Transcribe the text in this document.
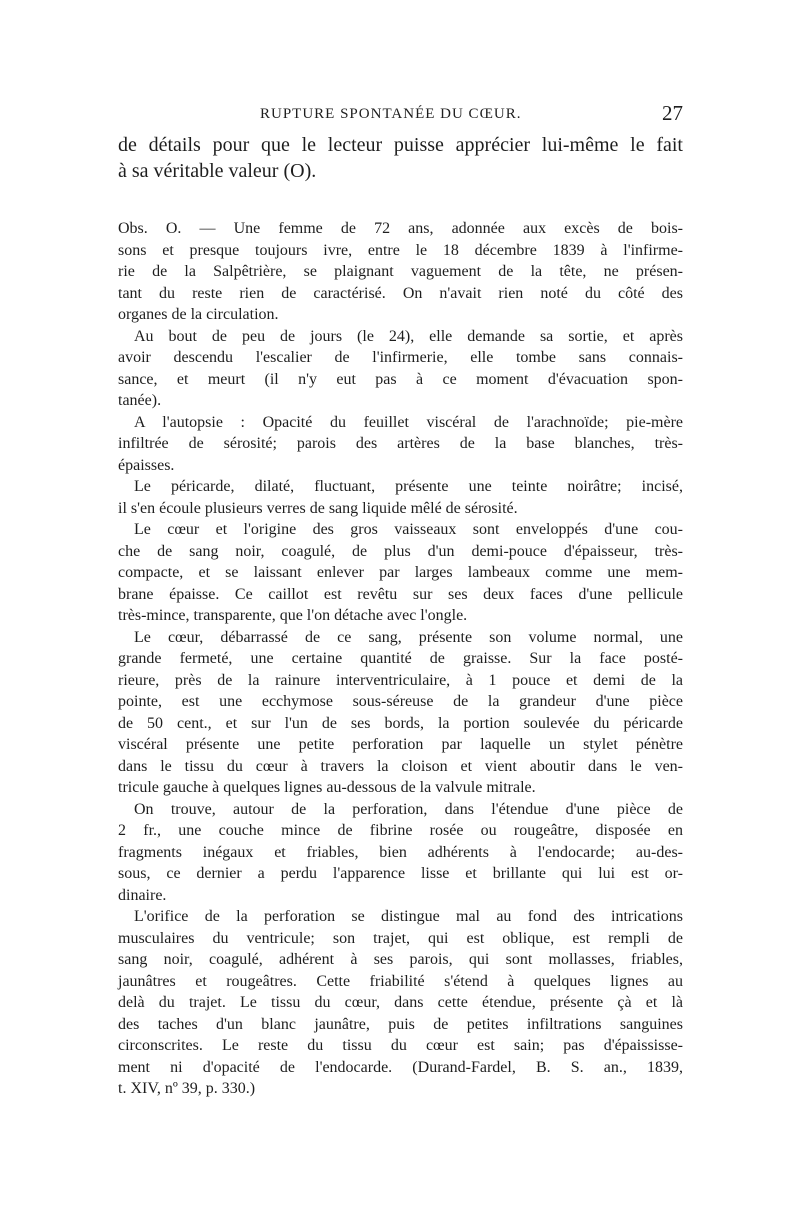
RUPTURE SPONTANÉE DU CŒUR.	27
de détails pour que le lecteur puisse apprécier lui-même le fait
à sa véritable valeur (O).
Obs. O. — Une femme de 72 ans, adonnée aux excès de bois-
sons et presque toujours ivre, entre le 18 décembre 1839 à l'infirme-
rie de la Salpêtrière, se plaignant vaguement de la tête, ne présen-
tant du reste rien de caractérisé. On n'avait rien noté du côté des
organes de la circulation.
Au bout de peu de jours (le 24), elle demande sa sortie, et après
avoir descendu l'escalier de l'infirmerie, elle tombe sans connais-
sance, et meurt (il n'y eut pas à ce moment d'évacuation spon-
tanée).
A l'autopsie : Opacité du feuillet viscéral de l'arachnoïde; pie-mère
infiltrée de sérosité; parois des artères de la base blanches, très-
épaisses.
Le péricarde, dilaté, fluctuant, présente une teinte noirâtre; incisé,
il s'en écoule plusieurs verres de sang liquide mêlé de sérosité.
Le cœur et l'origine des gros vaisseaux sont enveloppés d'une cou-
che de sang noir, coagulé, de plus d'un demi-pouce d'épaisseur, très-
compacte, et se laissant enlever par larges lambeaux comme une mem-
brane épaisse. Ce caillot est revêtu sur ses deux faces d'une pellicule
très-mince, transparente, que l'on détache avec l'ongle.
Le cœur, débarrassé de ce sang, présente son volume normal, une
grande fermeté, une certaine quantité de graisse. Sur la face posté-
rieure, près de la rainure interventriculaire, à 1 pouce et demi de la
pointe, est une ecchymose sous-séreuse de la grandeur d'une pièce
de 50 cent., et sur l'un de ses bords, la portion soulevée du péricarde
viscéral présente une petite perforation par laquelle un stylet pénètre
dans le tissu du cœur à travers la cloison et vient aboutir dans le ven-
tricule gauche à quelques lignes au-dessous de la valvule mitrale.
On trouve, autour de la perforation, dans l'étendue d'une pièce de
2 fr., une couche mince de fibrine rosée ou rougeâtre, disposée en
fragments inégaux et friables, bien adhérents à l'endocarde; au-des-
sous, ce dernier a perdu l'apparence lisse et brillante qui lui est or-
dinaire.
L'orifice de la perforation se distingue mal au fond des intrications
musculaires du ventricule; son trajet, qui est oblique, est rempli de
sang noir, coagulé, adhérent à ses parois, qui sont mollasses, friables,
jaunâtres et rougeâtres. Cette friabilité s'étend à quelques lignes au
delà du trajet. Le tissu du cœur, dans cette étendue, présente çà et là
des taches d'un blanc jaunâtre, puis de petites infiltrations sanguines
circonscrites. Le reste du tissu du cœur est sain; pas d'épaississe-
ment ni d'opacité de l'endocarde. (Durand-Fardel, B. S. an., 1839,
t. XIV, nº 39, p. 330.)
